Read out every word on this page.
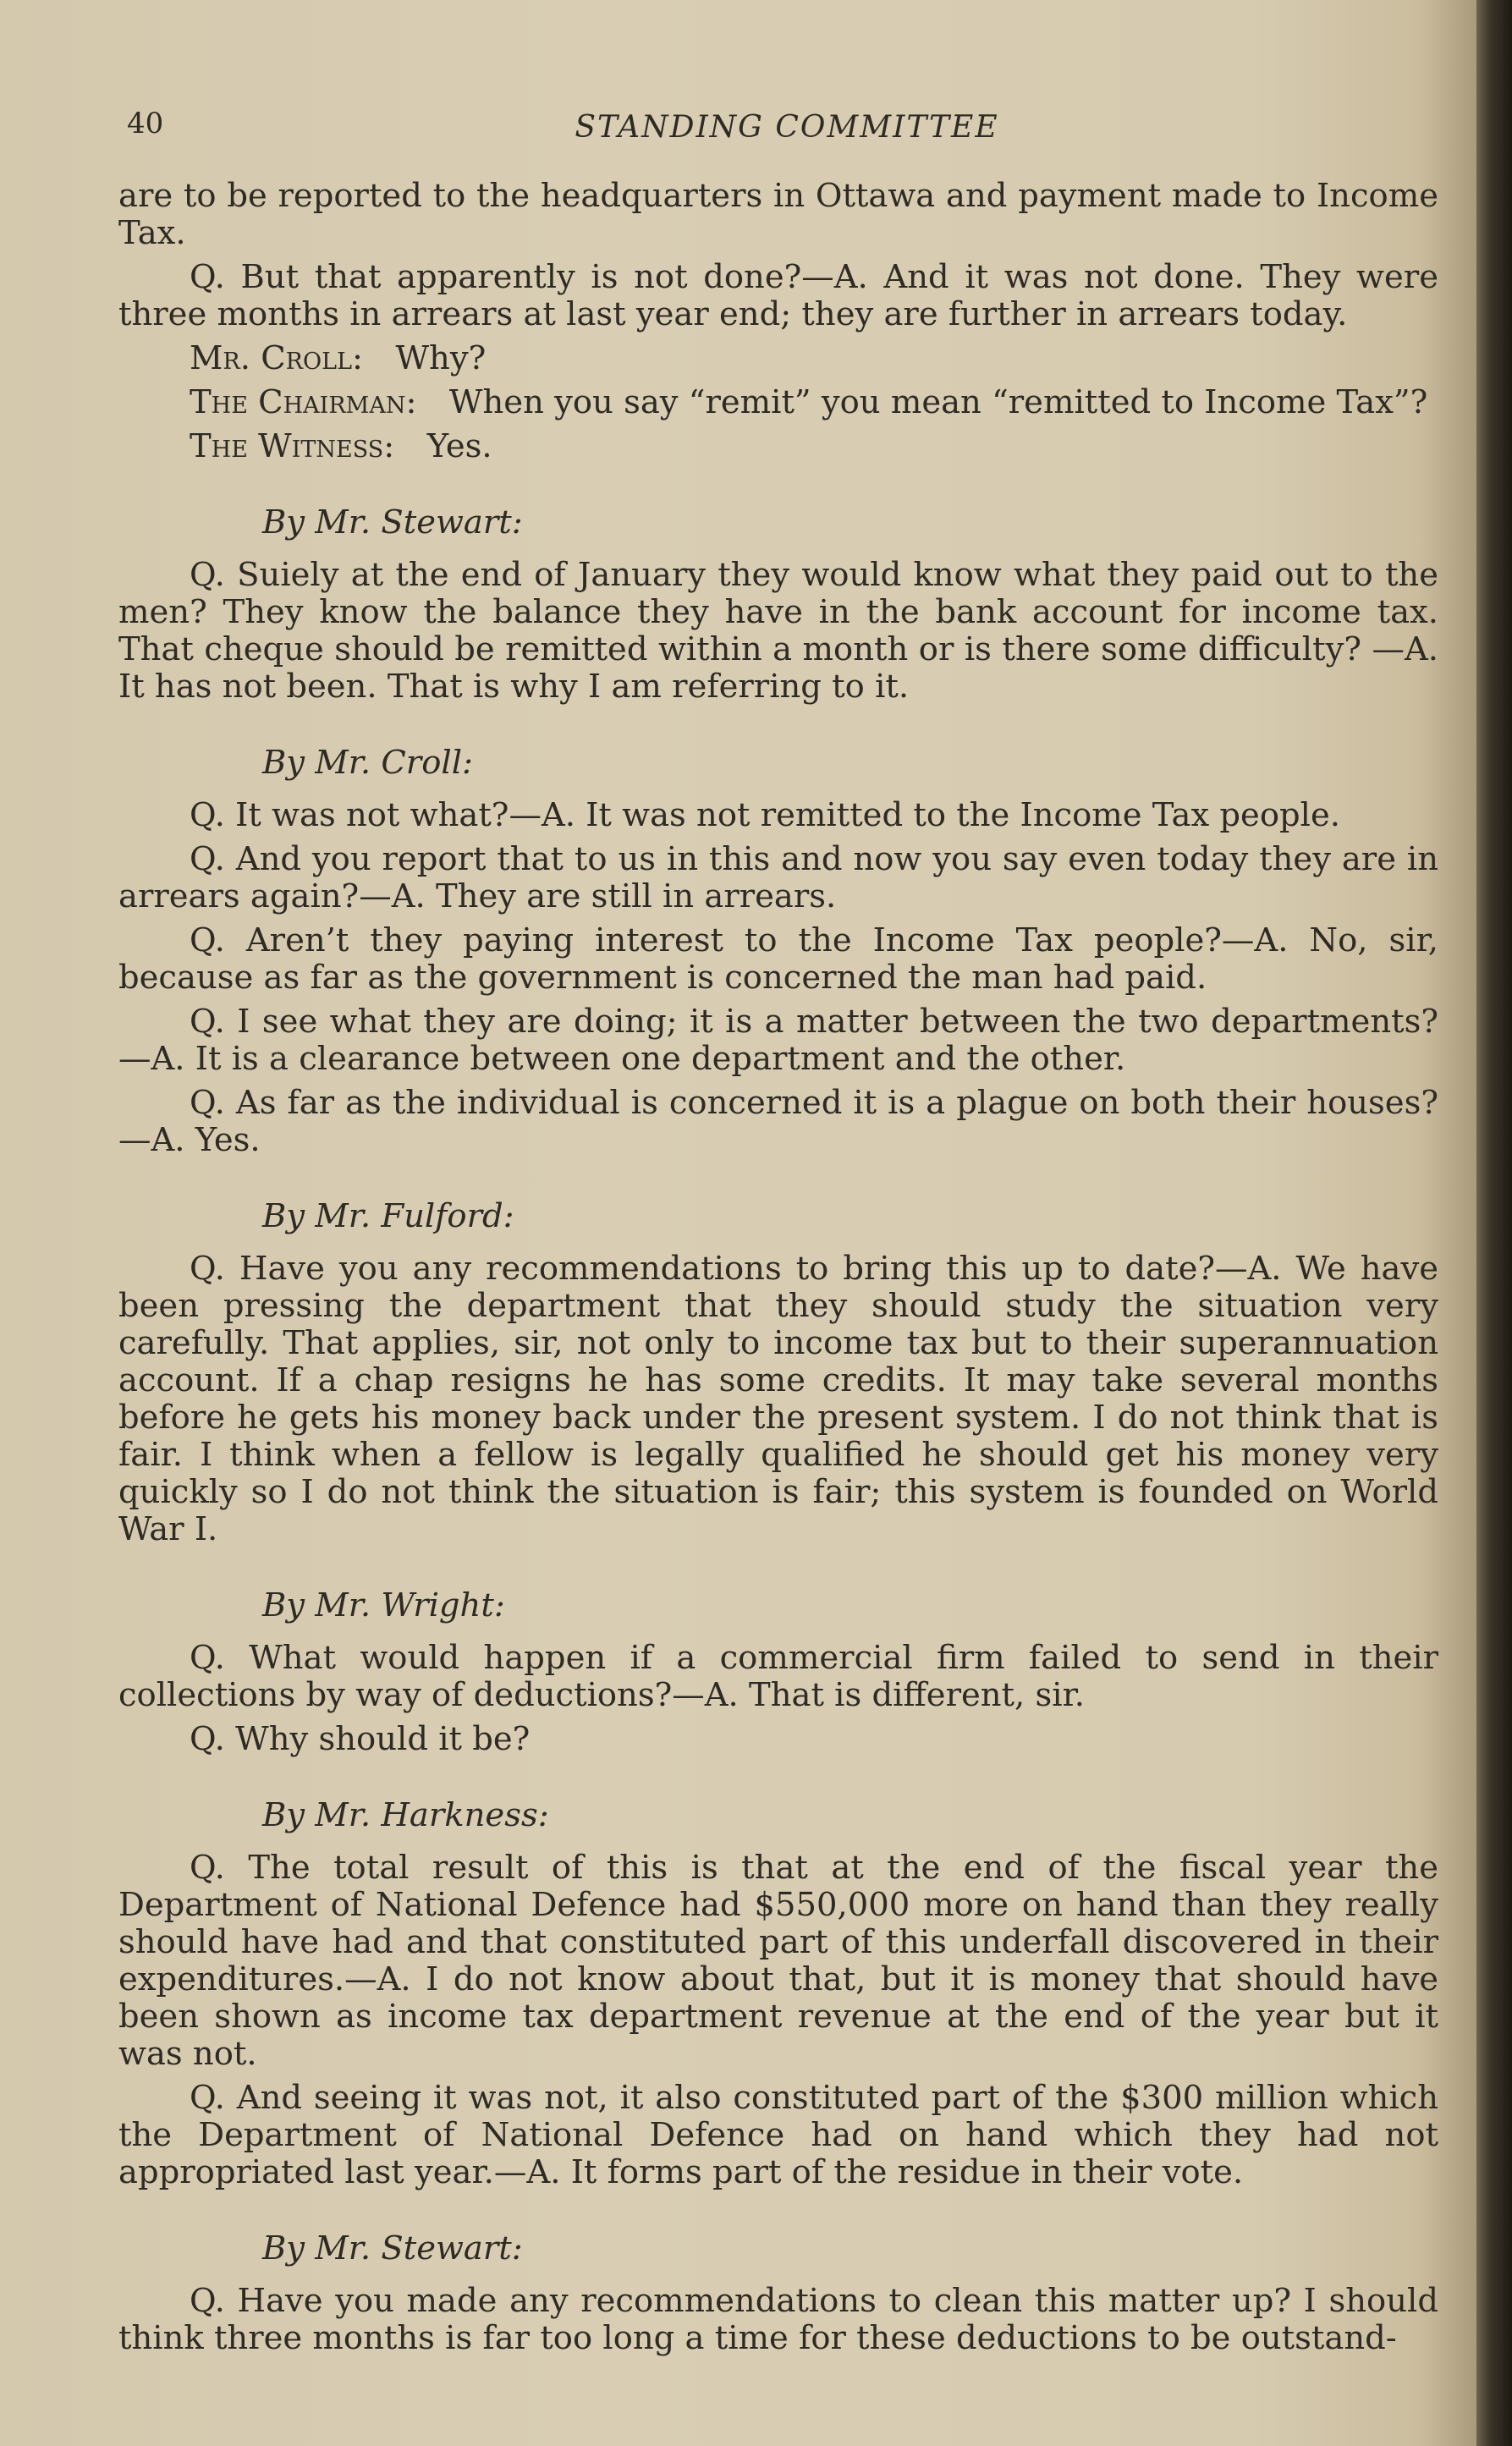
40	STANDING COMMITTEE
are to be reported to the headquarters in Ottawa and payment made to Income Tax.
Q. But that apparently is not done?—A. And it was not done. They were three months in arrears at last year end; they are further in arrears today.
Mr. Croll:  Why?
The Chairman:  When you say “remit” you mean “remitted to Income Tax”?
The Witness:  Yes.
By Mr. Stewart:
Q. Suiely at the end of January they would know what they paid out to the men? They know the balance they have in the bank account for income tax. That cheque should be remitted within a month or is there some difficulty? —A. It has not been. That is why I am referring to it.
By Mr. Croll:
Q. It was not what?—A. It was not remitted to the Income Tax people.
Q. And you report that to us in this and now you say even today they are in arrears again?—A. They are still in arrears.
Q. Aren’t they paying interest to the Income Tax people?—A. No, sir, because as far as the government is concerned the man had paid.
Q. I see what they are doing; it is a matter between the two departments? —A. It is a clearance between one department and the other.
Q. As far as the individual is concerned it is a plague on both their houses? —A. Yes.
By Mr. Fulford:
Q. Have you any recommendations to bring this up to date?—A. We have been pressing the department that they should study the situation very carefully. That applies, sir, not only to income tax but to their superannuation account. If a chap resigns he has some credits. It may take several months before he gets his money back under the present system. I do not think that is fair. I think when a fellow is legally qualified he should get his money very quickly so I do not think the situation is fair; this system is founded on World War I.
By Mr. Wright:
Q. What would happen if a commercial firm failed to send in their collections by way of deductions?—A. That is different, sir.
Q. Why should it be?
By Mr. Harkness:
Q. The total result of this is that at the end of the fiscal year the Department of National Defence had $550,000 more on hand than they really should have had and that constituted part of this underfall discovered in their expenditures.—A. I do not know about that, but it is money that should have been shown as income tax department revenue at the end of the year but it was not.
Q. And seeing it was not, it also constituted part of the $300 million which the Department of National Defence had on hand which they had not appropriated last year.—A. It forms part of the residue in their vote.
By Mr. Stewart:
Q. Have you made any recommendations to clean this matter up? I should think three months is far too long a time for these deductions to be outstand-
